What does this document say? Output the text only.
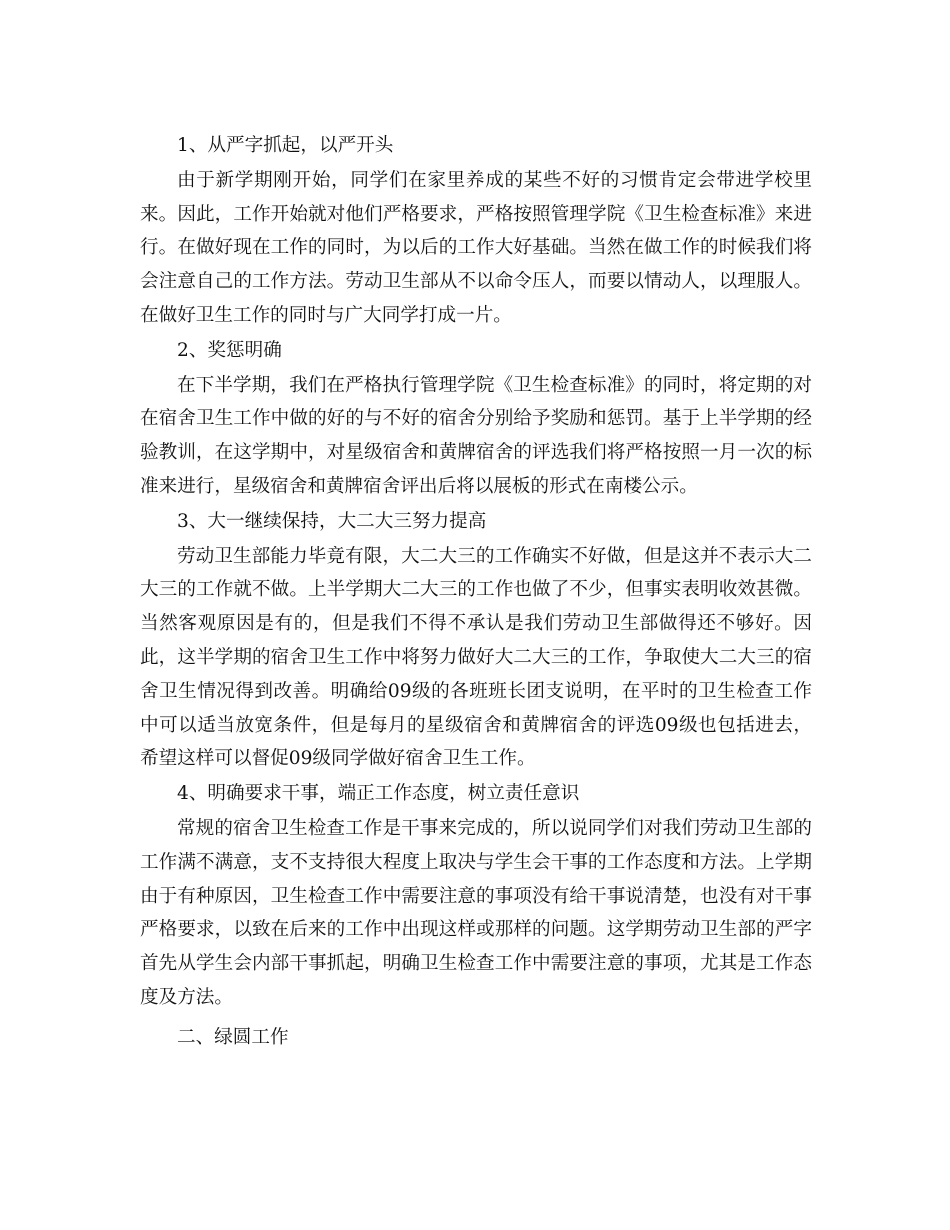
1、从严字抓起，以严开头

由于新学期刚开始，同学们在家里养成的某些不好的习惯肯定会带进学校里来。因此，工作开始就对他们严格要求，严格按照管理学院《卫生检查标准》来进行。在做好现在工作的同时，为以后的工作大好基础。当然在做工作的时候我们将会注意自己的工作方法。劳动卫生部从不以命令压人，而要以情动人，以理服人。在做好卫生工作的同时与广大同学打成一片。

2、奖惩明确

在下半学期，我们在严格执行管理学院《卫生检查标准》的同时，将定期的对在宿舍卫生工作中做的好的与不好的宿舍分别给予奖励和惩罚。基于上半学期的经验教训，在这学期中，对星级宿舍和黄牌宿舍的评选我们将严格按照一月一次的标准来进行，星级宿舍和黄牌宿舍评出后将以展板的形式在南楼公示。

3、大一继续保持，大二大三努力提高

劳动卫生部能力毕竟有限，大二大三的工作确实不好做，但是这并不表示大二大三的工作就不做。上半学期大二大三的工作也做了不少，但事实表明收效甚微。当然客观原因是有的，但是我们不得不承认是我们劳动卫生部做得还不够好。因此，这半学期的宿舍卫生工作中将努力做好大二大三的工作，争取使大二大三的宿舍卫生情况得到改善。明确给09级的各班班长团支说明，在平时的卫生检查工作中可以适当放宽条件，但是每月的星级宿舍和黄牌宿舍的评选09级也包括进去，希望这样可以督促09级同学做好宿舍卫生工作。

4、明确要求干事，端正工作态度，树立责任意识

常规的宿舍卫生检查工作是干事来完成的，所以说同学们对我们劳动卫生部的工作满不满意，支不支持很大程度上取决与学生会干事的工作态度和方法。上学期由于有种原因，卫生检查工作中需要注意的事项没有给干事说清楚，也没有对干事严格要求，以致在后来的工作中出现这样或那样的问题。这学期劳动卫生部的严字首先从学生会内部干事抓起，明确卫生检查工作中需要注意的事项，尤其是工作态度及方法。

二、绿圆工作
